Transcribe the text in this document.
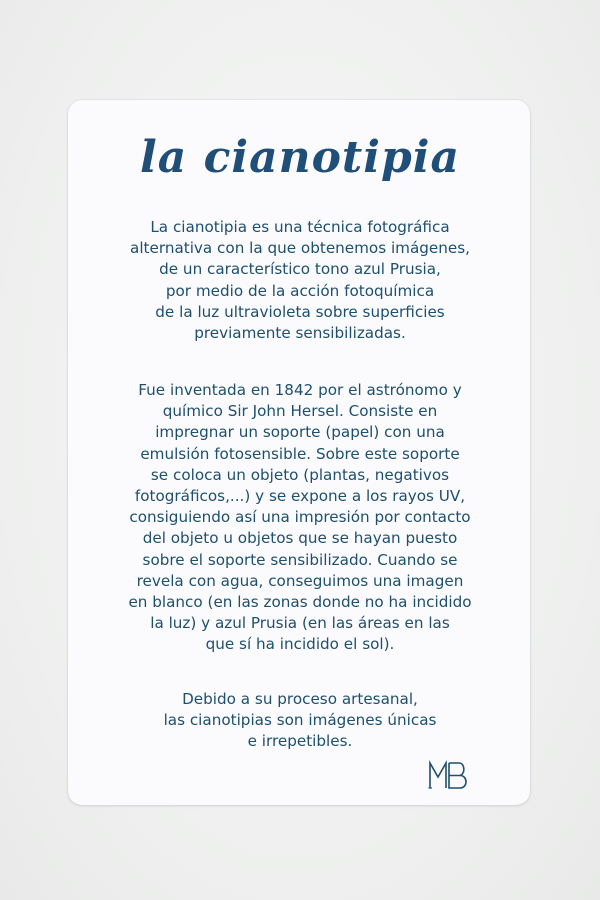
la cianotipia
La cianotipia es una técnica fotográfica
alternativa con la que obtenemos imágenes,
de un característico tono azul Prusia,
por medio de la acción fotoquímica
de la luz ultravioleta sobre superficies
previamente sensibilizadas.
Fue inventada en 1842 por el astrónomo y
químico Sir John Hersel. Consiste en
impregnar un soporte (papel) con una
emulsión fotosensible. Sobre este soporte
se coloca un objeto (plantas, negativos
fotográficos,...) y se expone a los rayos UV,
consiguiendo así una impresión por contacto
del objeto u objetos que se hayan puesto
sobre el soporte sensibilizado. Cuando se
revela con agua, conseguimos una imagen
en blanco (en las zonas donde no ha incidido
la luz) y azul Prusia (en las áreas en las
que sí ha incidido el sol).
Debido a su proceso artesanal,
las cianotipias son imágenes únicas
e irrepetibles.
